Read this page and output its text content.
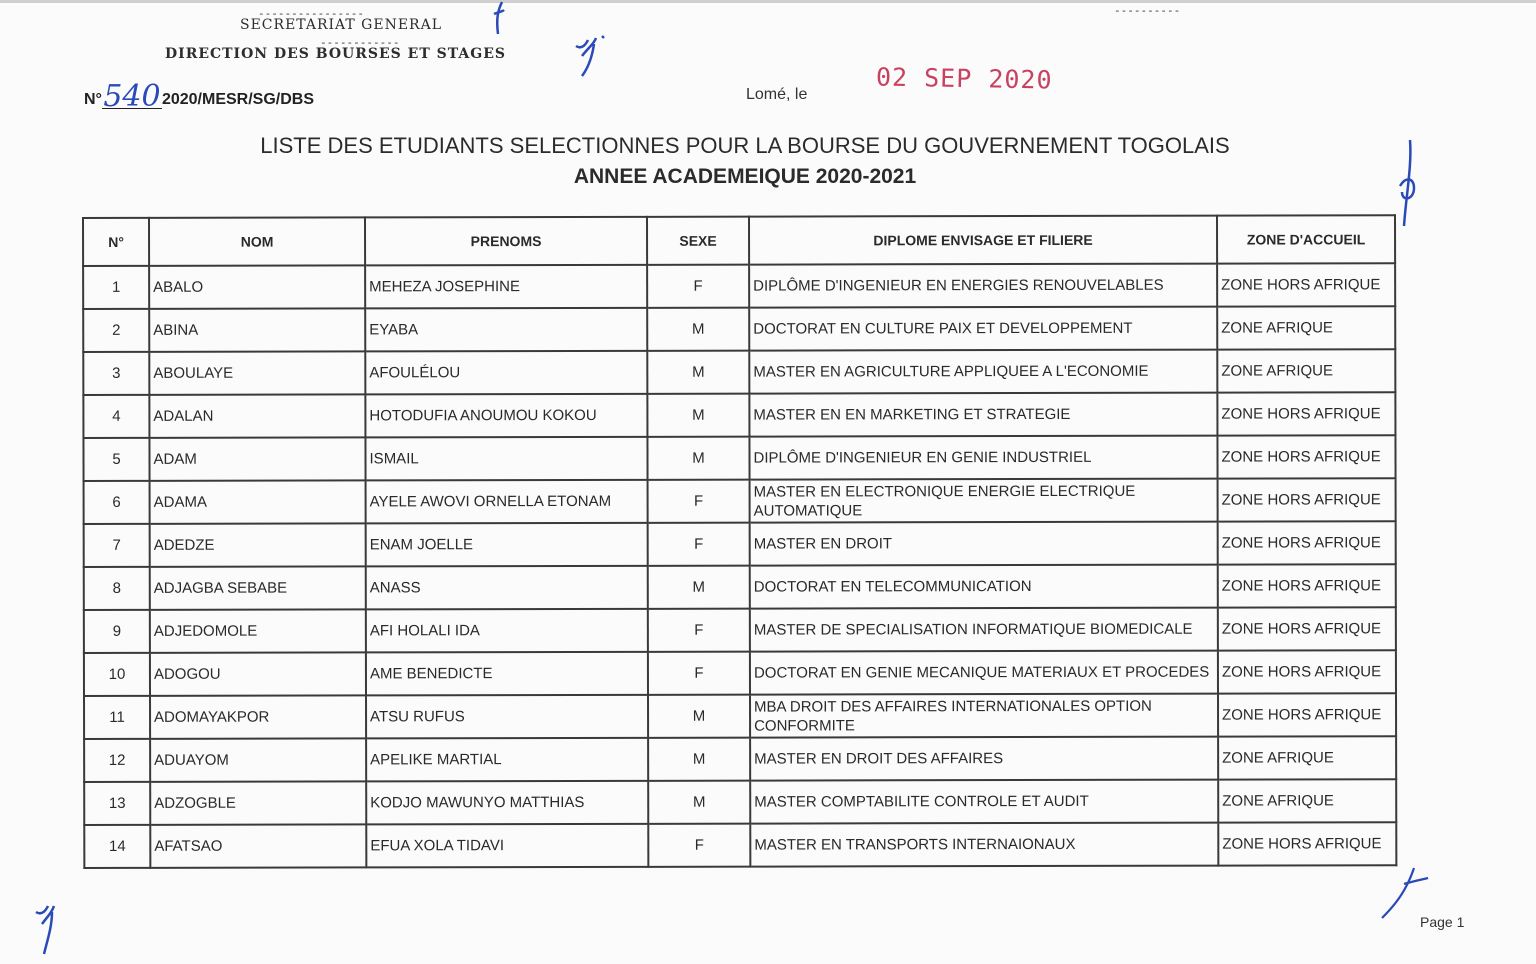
----------------
SECRETARIAT GENERAL
------------
DIRECTION DES BOURSES ET STAGES
----------
N°5402020/MESR/SG/DBS	Lomé, le	02 SEP 2020
LISTE DES ETUDIANTS SELECTIONNES POUR LA BOURSE DU GOUVERNEMENT TOGOLAIS
ANNEE ACADEMEIQUE 2020-2021
N°	NOM	PRENOMS	SEXE	DIPLOME ENVISAGE ET FILIERE	ZONE D'ACCUEIL
1	ABALO	MEHEZA JOSEPHINE	F	DIPLÔME D'INGENIEUR EN ENERGIES RENOUVELABLES	ZONE HORS AFRIQUE
2	ABINA	EYABA	M	DOCTORAT EN CULTURE PAIX ET DEVELOPPEMENT	ZONE AFRIQUE
3	ABOULAYE	AFOULÉLOU	M	MASTER EN AGRICULTURE APPLIQUEE A L'ECONOMIE	ZONE AFRIQUE
4	ADALAN	HOTODUFIA ANOUMOU KOKOU	M	MASTER EN EN MARKETING ET STRATEGIE	ZONE HORS AFRIQUE
5	ADAM	ISMAIL	M	DIPLÔME D'INGENIEUR EN GENIE INDUSTRIEL	ZONE HORS AFRIQUE
6	ADAMA	AYELE AWOVI ORNELLA ETONAM	F	MASTER EN ELECTRONIQUE ENERGIE ELECTRIQUE AUTOMATIQUE	ZONE HORS AFRIQUE
7	ADEDZE	ENAM JOELLE	F	MASTER EN DROIT	ZONE HORS AFRIQUE
8	ADJAGBA SEBABE	ANASS	M	DOCTORAT EN TELECOMMUNICATION	ZONE HORS AFRIQUE
9	ADJEDOMOLE	AFI HOLALI IDA	F	MASTER DE SPECIALISATION INFORMATIQUE BIOMEDICALE	ZONE HORS AFRIQUE
10	ADOGOU	AME BENEDICTE	F	DOCTORAT EN GENIE MECANIQUE MATERIAUX ET PROCEDES	ZONE HORS AFRIQUE
11	ADOMAYAKPOR	ATSU RUFUS	M	MBA DROIT DES AFFAIRES INTERNATIONALES OPTION CONFORMITE	ZONE HORS AFRIQUE
12	ADUAYOM	APELIKE MARTIAL	M	MASTER EN DROIT DES AFFAIRES	ZONE AFRIQUE
13	ADZOGBLE	KODJO MAWUNYO MATTHIAS	M	MASTER COMPTABILITE CONTROLE ET AUDIT	ZONE AFRIQUE
14	AFATSAO	EFUA XOLA TIDAVI	F	MASTER EN TRANSPORTS INTERNAIONAUX	ZONE HORS AFRIQUE
Page 1
